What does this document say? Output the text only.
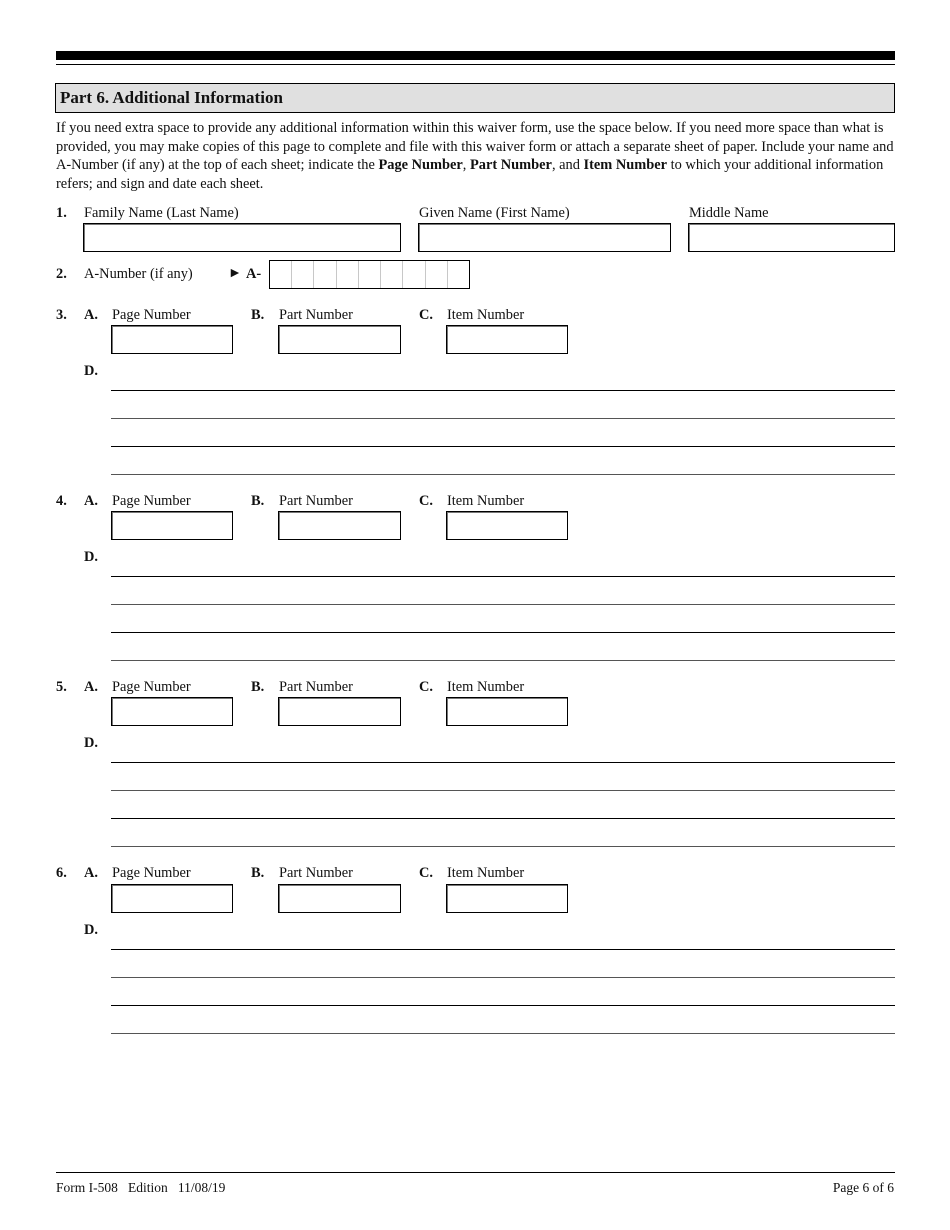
Part 6. Additional Information
If you need extra space to provide any additional information within this waiver form, use the space below. If you need more space than what is provided, you may make copies of this page to complete and file with this waiver form or attach a separate sheet of paper. Include your name and A-Number (if any) at the top of each sheet; indicate the Page Number, Part Number, and Item Number to which your additional information refers; and sign and date each sheet.
1. Family Name (Last Name)	Given Name (First Name)	Middle Name
2. A-Number (if any)	► A-
3. A. Page Number	B. Part Number	C. Item Number
D.
4. A. Page Number	B. Part Number	C. Item Number
D.
5. A. Page Number	B. Part Number	C. Item Number
D.
6. A. Page Number	B. Part Number	C. Item Number
D.
Form I-508   Edition   11/08/19	Page 6 of 6
